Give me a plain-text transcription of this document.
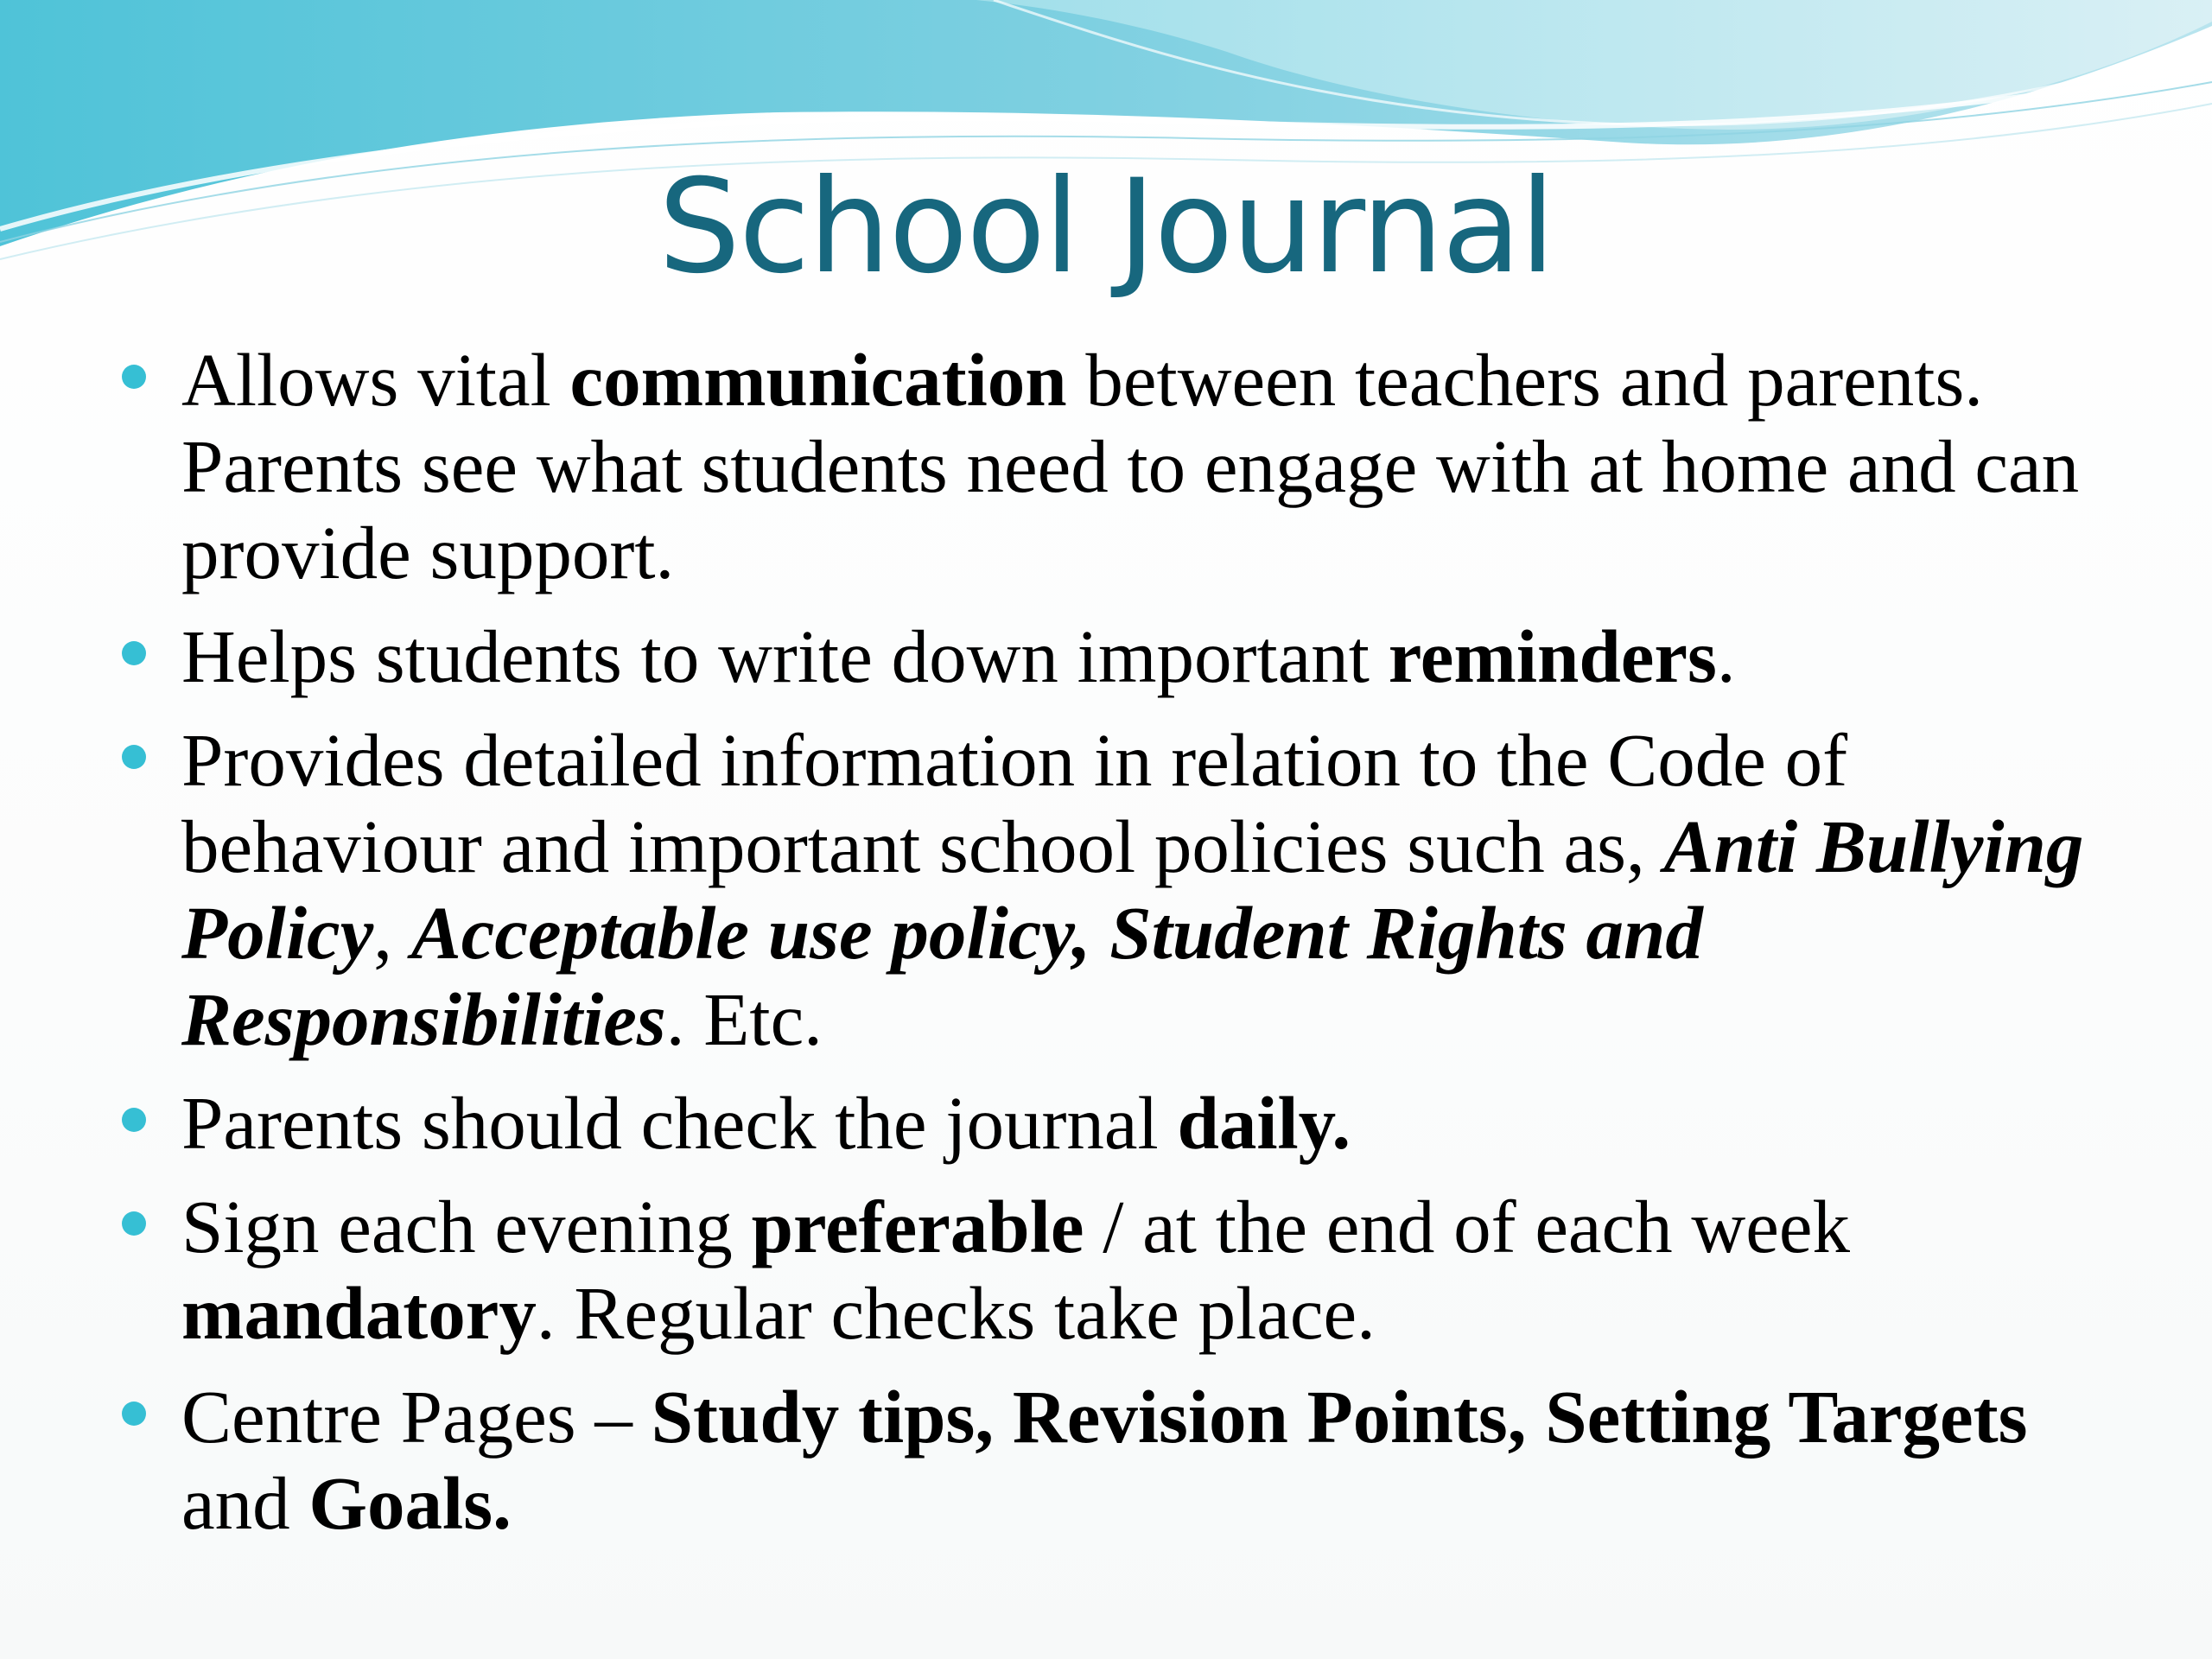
School Journal
Allows vital communication between teachers and parents. Parents see what students need to engage with at home and can provide support.
Helps students to write down important reminders.
Provides detailed information in relation to the Code of behaviour and important school policies such as, Anti Bullying Policy, Acceptable use policy, Student Rights and Responsibilities. Etc.
Parents should check the journal daily.
Sign each evening preferable / at the end of each week mandatory. Regular checks take place.
Centre Pages – Study tips, Revision Points, Setting Targets and Goals.
